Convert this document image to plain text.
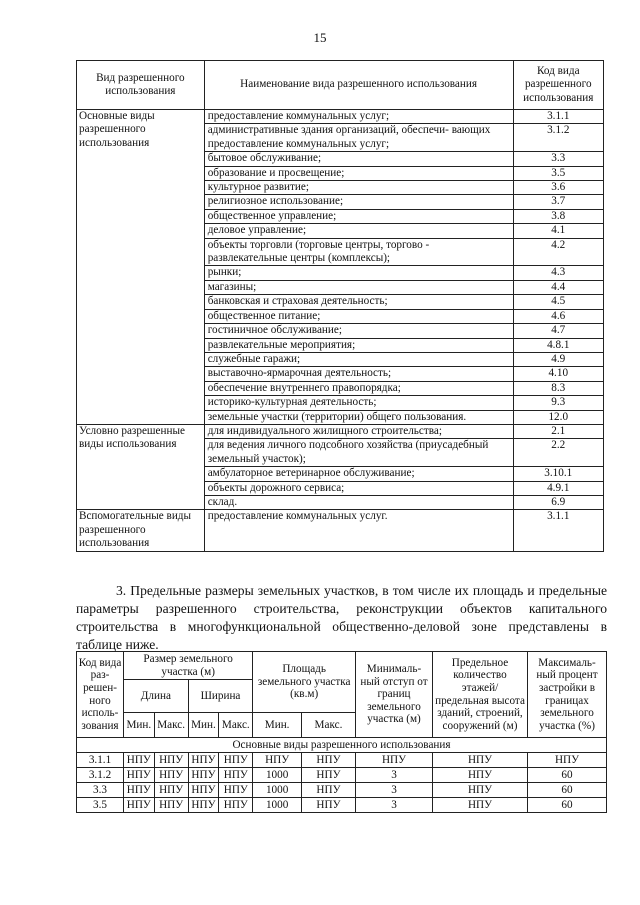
15
Вид разрешенного использования	Наименование вида разрешенного использования	Код вида разрешенного использования
Основные виды разрешенного использования	предоставление коммунальных услуг;	3.1.1
	административные здания организаций, обеспечи- вающих предоставление коммунальных услуг;	3.1.2
	бытовое обслуживание;	3.3
	образование и просвещение;	3.5
	культурное развитие;	3.6
	религиозное использование;	3.7
	общественное управление;	3.8
	деловое управление;	4.1
	объекты торговли (торговые центры, торгово - развлекательные центры (комплексы);	4.2
	рынки;	4.3
	магазины;	4.4
	банковская и страховая деятельность;	4.5
	общественное питание;	4.6
	гостиничное обслуживание;	4.7
	развлекательные мероприятия;	4.8.1
	служебные гаражи;	4.9
	выставочно-ярмарочная деятельность;	4.10
	обеспечение внутреннего правопорядка;	8.3
	историко-культурная деятельность;	9.3
	земельные участки (территории) общего пользования.	12.0
Условно разрешенные виды использования	для индивидуального жилищного строительства;	2.1
	для ведения личного подсобного хозяйства (приусадебный земельный участок);	2.2
	амбулаторное ветеринарное обслуживание;	3.10.1
	объекты дорожного сервиса;	4.9.1
	склад.	6.9
Вспомогательные виды разрешенного использования	предоставление коммунальных услуг.	3.1.1

3. Предельные размеры земельных участков, в том числе их площадь и предельные параметры разрешенного строительства, реконструкции объектов капитального строительства в многофункциональной общественно-деловой зоне представлены в таблице ниже.

Код вида раз- решен- ного исполь- зования	Размер земельного участка (м)				Площадь земельного участка (кв.м)		Минималь- ный отступ от границ земельного участка (м)	Предельное количество этажей/ предельная высота зданий, строений, сооружений (м)	Максималь- ный процент застройки в границах земельного участка (%)
	Длина		Ширина						
	Мин.	Макс.	Мин.	Макс.	Мин.	Макс.			
Основные виды разрешенного использования									
3.1.1	НПУ	НПУ	НПУ	НПУ	НПУ	НПУ	НПУ	НПУ	НПУ
3.1.2	НПУ	НПУ	НПУ	НПУ	1000	НПУ	3	НПУ	60
3.3	НПУ	НПУ	НПУ	НПУ	1000	НПУ	3	НПУ	60
3.5	НПУ	НПУ	НПУ	НПУ	1000	НПУ	3	НПУ	60
